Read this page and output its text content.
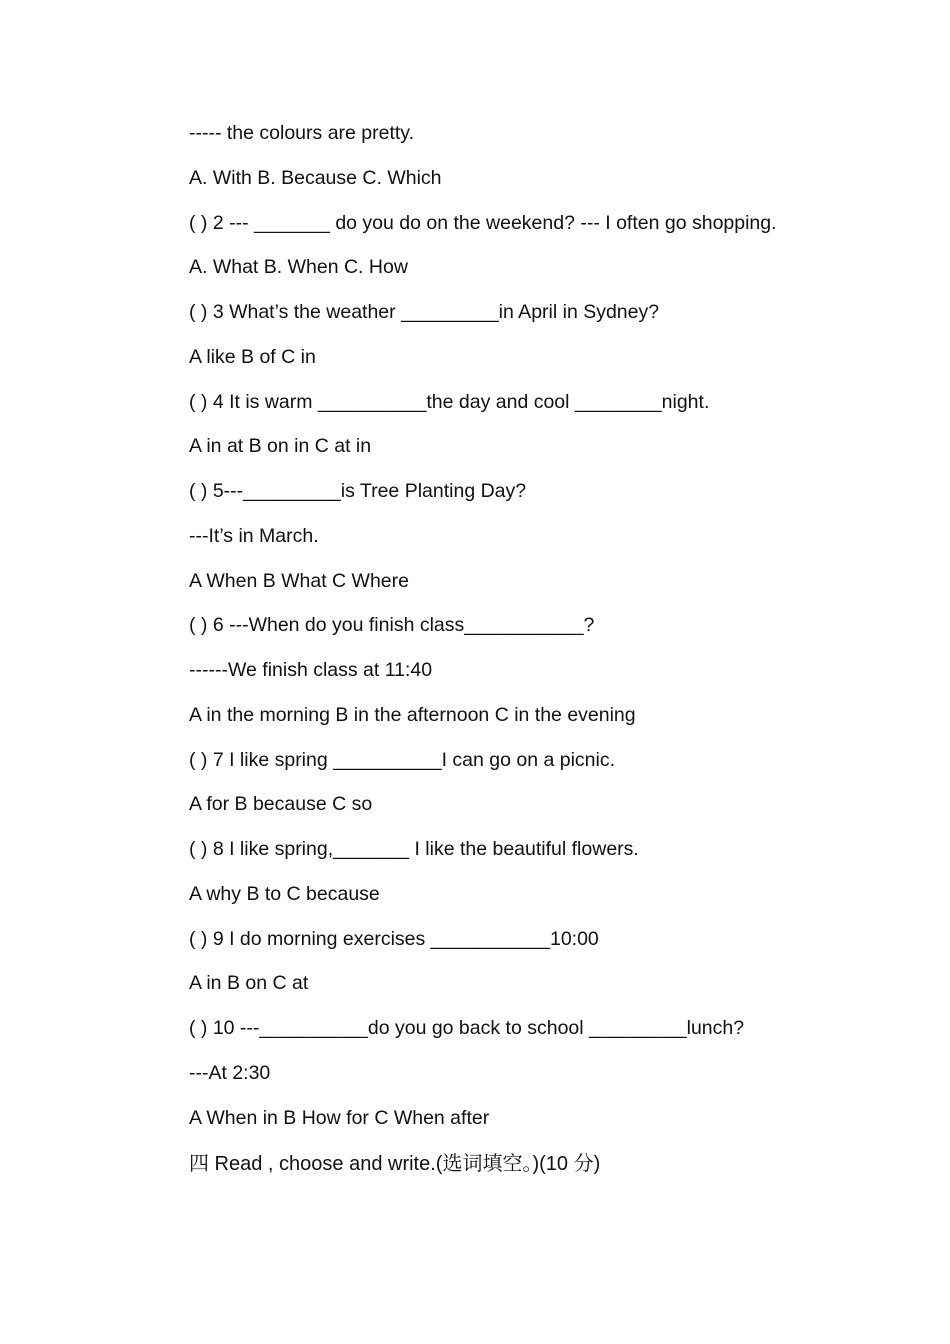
----- the colours are pretty.
A. With B. Because C. Which
( ) 2 --- _______ do you do on the weekend? --- I often go shopping.
A. What B. When C. How
( ) 3 What’s the weather _________in April in Sydney?
A like B of C in
( ) 4 It is warm __________the day and cool ________night.
A in at B on in C at in
( ) 5---_________is Tree Planting Day?
---It’s in March.
A When B What C Where
( ) 6 ---When do you finish class___________?
------We finish class at 11:40
A in the morning B in the afternoon C in the evening
( ) 7 I like spring __________I can go on a picnic.
A for B because C so
( ) 8 I like spring,_______ I like the beautiful flowers.
A why B to C because
( ) 9 I do morning exercises ___________10:00
A in B on C at
( ) 10 ---__________do you go back to school _________lunch?
---At 2:30
A When in B How for C When after
四 Read , choose and write.(选词填空。)(10 分)
